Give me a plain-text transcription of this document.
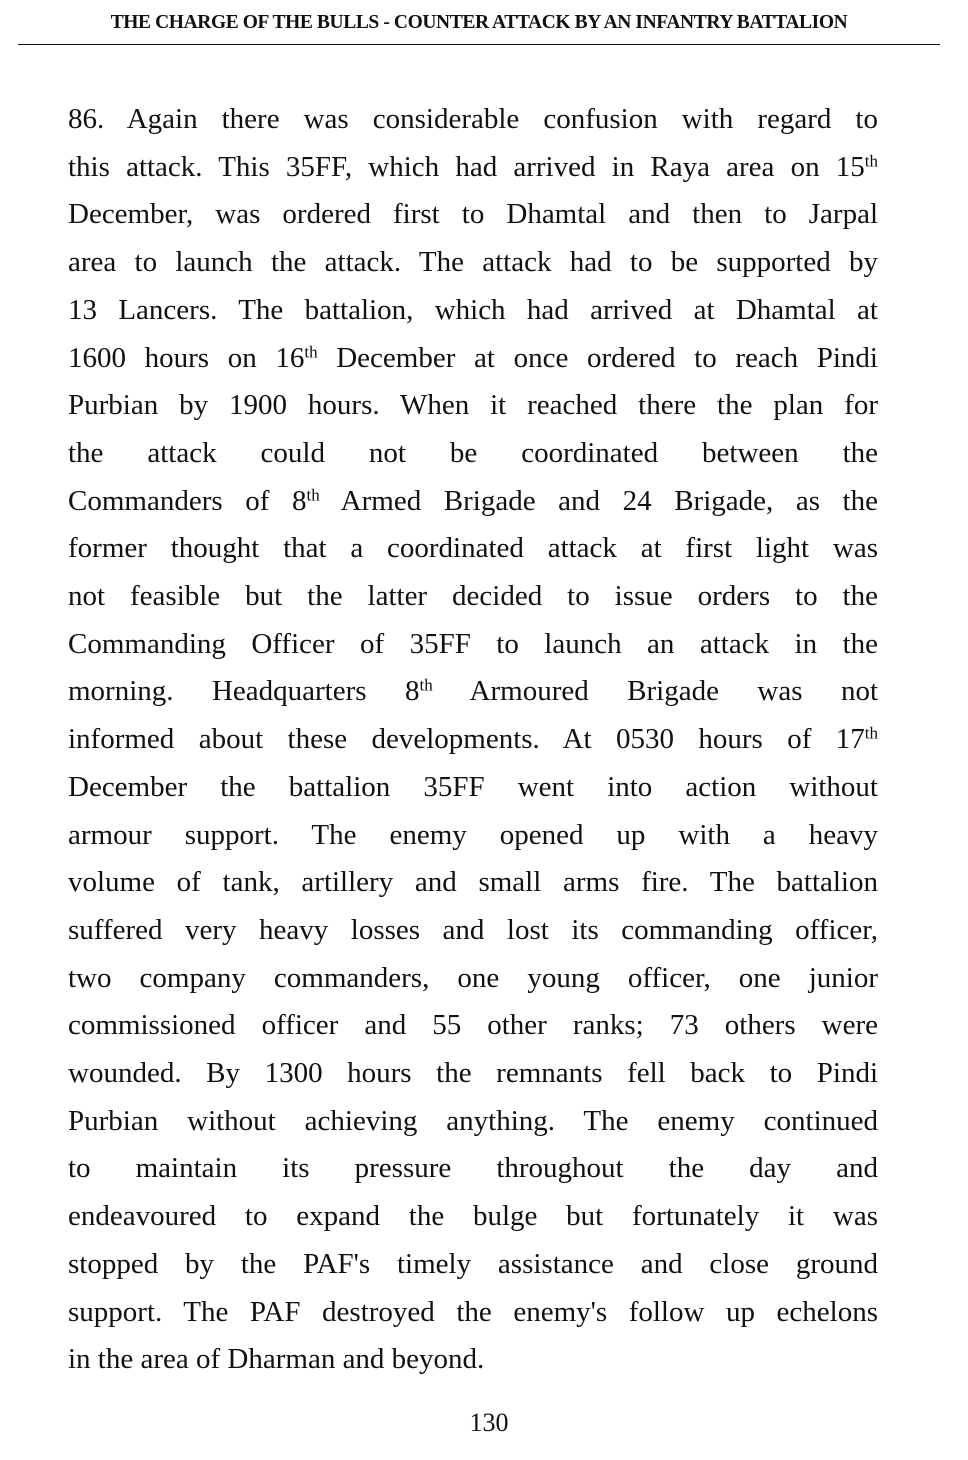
THE CHARGE OF THE BULLS - COUNTER ATTACK BY AN INFANTRY BATTALION
86. Again there was considerable confusion with regard to
this attack. This 35FF, which had arrived in Raya area on 15th
December, was ordered first to Dhamtal and then to Jarpal
area to launch the attack. The attack had to be supported by
13 Lancers. The battalion, which had arrived at Dhamtal at
1600 hours on 16th December at once ordered to reach Pindi
Purbian by 1900 hours. When it reached there the plan for
the attack could not be coordinated between the
Commanders of 8th Armed Brigade and 24 Brigade, as the
former thought that a coordinated attack at first light was
not feasible but the latter decided to issue orders to the
Commanding Officer of 35FF to launch an attack in the
morning. Headquarters 8th Armoured Brigade was not
informed about these developments. At 0530 hours of 17th
December the battalion 35FF went into action without
armour support. The enemy opened up with a heavy
volume of tank, artillery and small arms fire. The battalion
suffered very heavy losses and lost its commanding officer,
two company commanders, one young officer, one junior
commissioned officer and 55 other ranks; 73 others were
wounded. By 1300 hours the remnants fell back to Pindi
Purbian without achieving anything. The enemy continued
to maintain its pressure throughout the day and
endeavoured to expand the bulge but fortunately it was
stopped by the PAF's timely assistance and close ground
support. The PAF destroyed the enemy's follow up echelons
in the area of Dharman and beyond.
130
